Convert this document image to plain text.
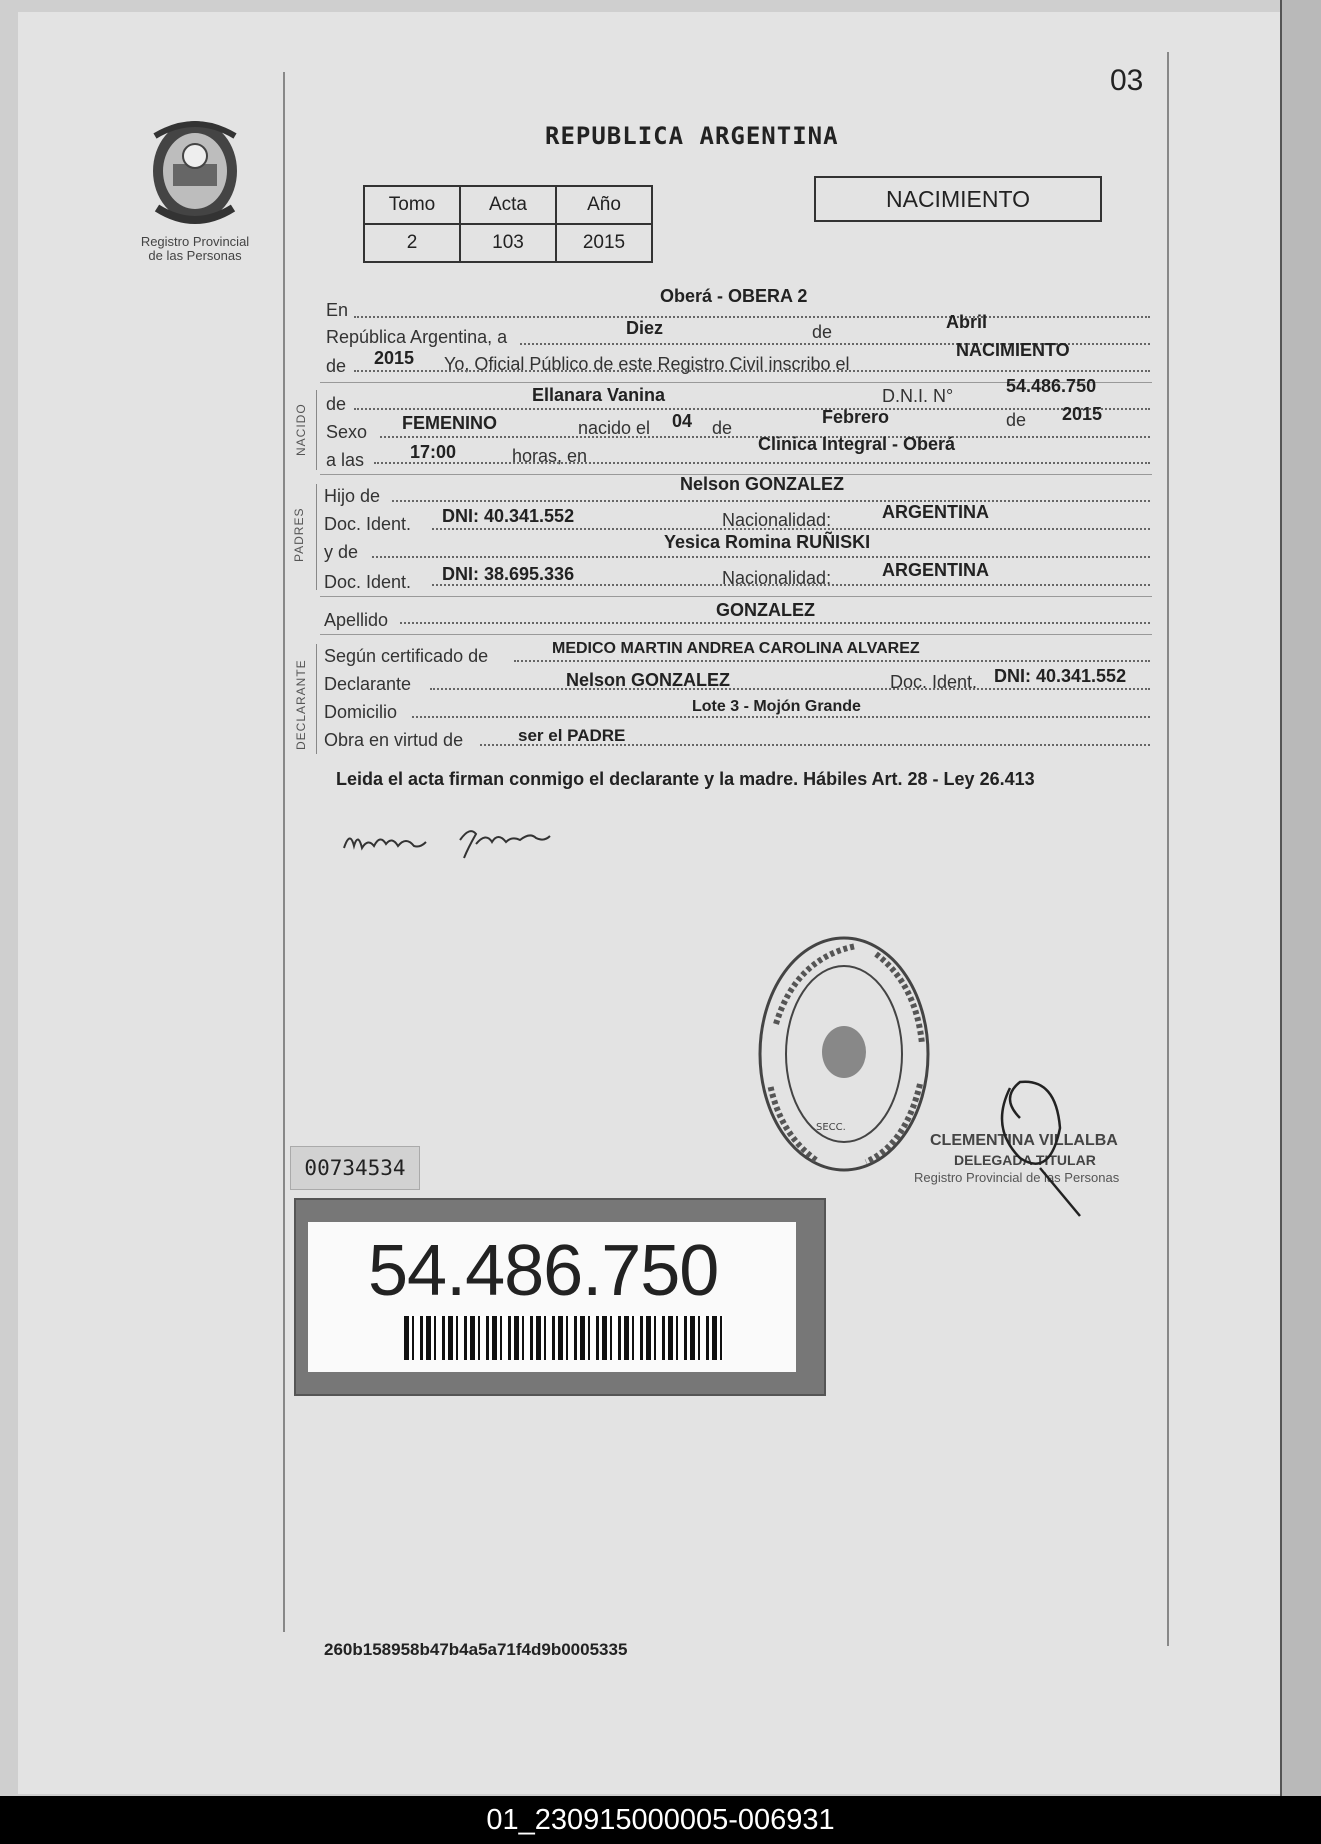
Registro Provincial
de las Personas
03
REPUBLICA ARGENTINA
Tomo	Acta	Año
2	103	2015
NACIMIENTO
En
Oberá - OBERA 2
República Argentina, a	Diez	de	Abril
de 2015 Yo, Oficial Público de este Registro Civil inscribo el
NACIMIENTO
NACIDO de	Ellanara Vanina	D.N.I. N°	54.486.750
Sexo FEMENINO	nacido el 04 de
Febrero	de 2015
a las	17:00	horas, en
Clinica Integral - Oberá
PADRES
Hijo de
Nelson GONZALEZ
Doc. Ident. DNI: 40.341.552	Nacionalidad:	ARGENTINA
y de	Yesica Romina RUÑISKI
Doc. Ident. DNI: 38.695.336	Nacionalidad:	ARGENTINA
Apellido	GONZALEZ
DECLARANTE
Según certificado de	MEDICO MARTIN ANDREA CAROLINA ALVAREZ
Declarante	Nelson GONZALEZ	Doc. Ident. DNI: 40.341.552
Domicilio	Lote 3 - Mojón Grande
Obra en virtud de	ser el PADRE
Leida el acta firman conmigo el declarante y la madre. Hábiles Art. 28 - Ley 26.413
SECC.
CLEMENTINA VILLALBA
DELEGADA TITULAR
Registro Provincial de las Personas
00734534
54.486.750
260b158958b47b4a5a71f4d9b0005335
01_230915000005-006931
